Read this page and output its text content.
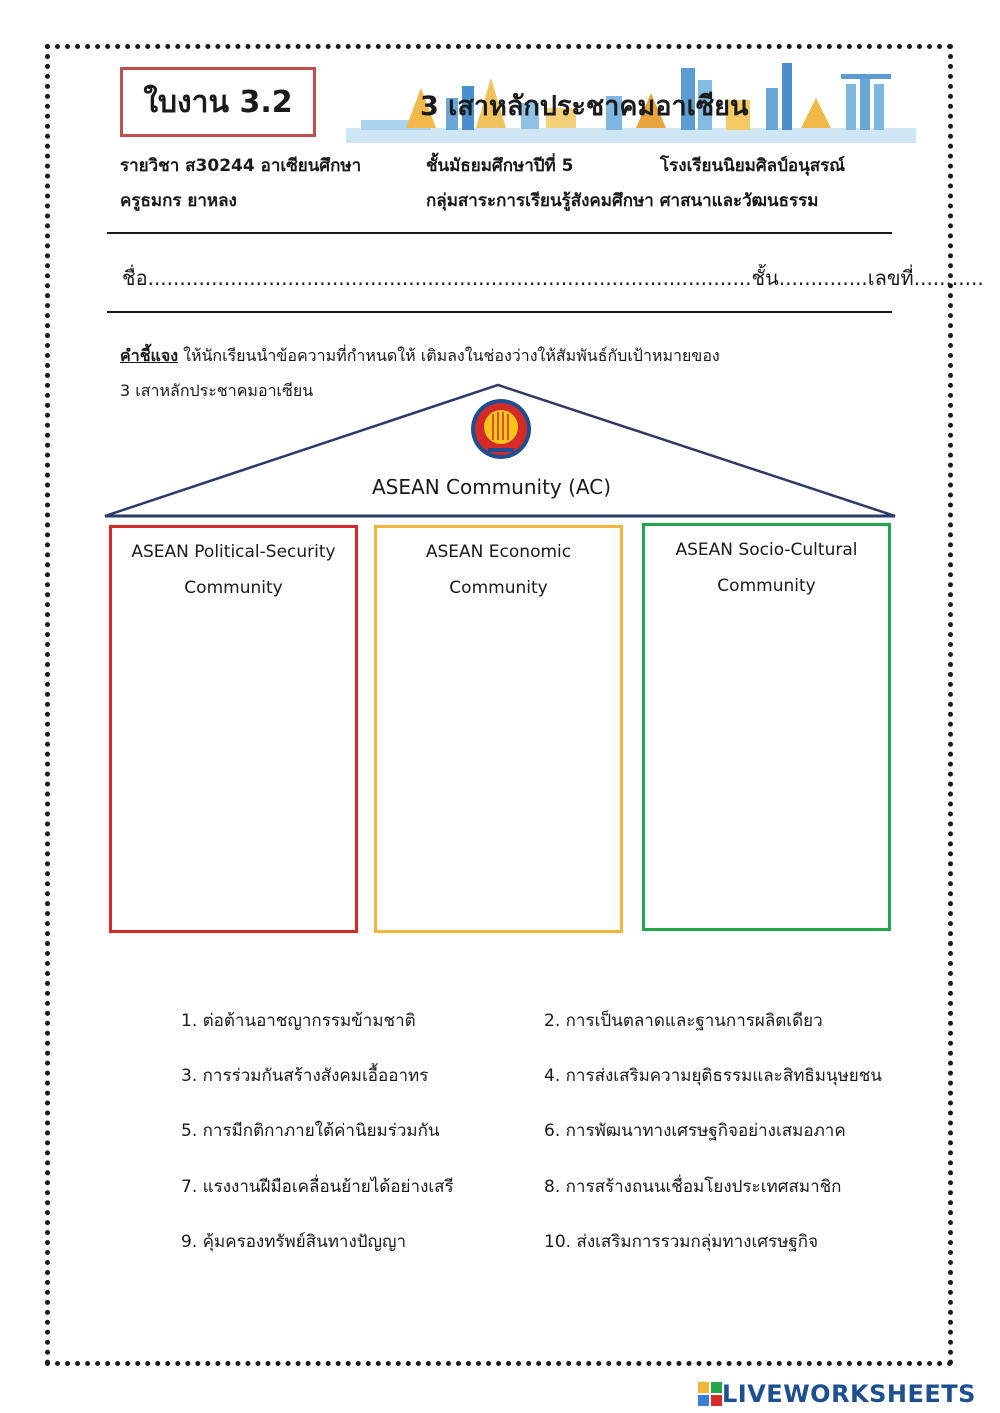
ใบงาน 3.2	3 เสาหลักประชาคมอาเซียน
รายวิชา ส30244 อาเซียนศึกษา	ชั้นมัธยมศึกษาปีที่ 5	โรงเรียนนิยมศิลป์อนุสรณ์
ครูธมกร ยาหลง	กลุ่มสาระการเรียนรู้สังคมศึกษา ศาสนาและวัฒนธรรม
ชื่อ...............................................................................................ชั้น..............เลขที่...........
คำชี้แจง ให้นักเรียนนำข้อความที่กำหนดให้ เติมลงในช่องว่างให้สัมพันธ์กับเป้าหมายของ
3 เสาหลักประชาคมอาเซียน
ASEAN Community (AC)
ASEAN Political-Security
Community
ASEAN Economic
Community
ASEAN Socio-Cultural
Community
1. ต่อต้านอาชญากรรมข้ามชาติ	2. การเป็นตลาดและฐานการผลิตเดียว
3. การร่วมกันสร้างสังคมเอื้ออาทร	4. การส่งเสริมความยุติธรรมและสิทธิมนุษยชน
5. การมีกติกาภายใต้ค่านิยมร่วมกัน	6. การพัฒนาทางเศรษฐกิจอย่างเสมอภาค
7. แรงงานฝีมือเคลื่อนย้ายได้อย่างเสรี	8. การสร้างถนนเชื่อมโยงประเทศสมาชิก
9. คุ้มครองทรัพย์สินทางปัญญา	10. ส่งเสริมการรวมกลุ่มทางเศรษฐกิจ
LIVEWORKSHEETS
